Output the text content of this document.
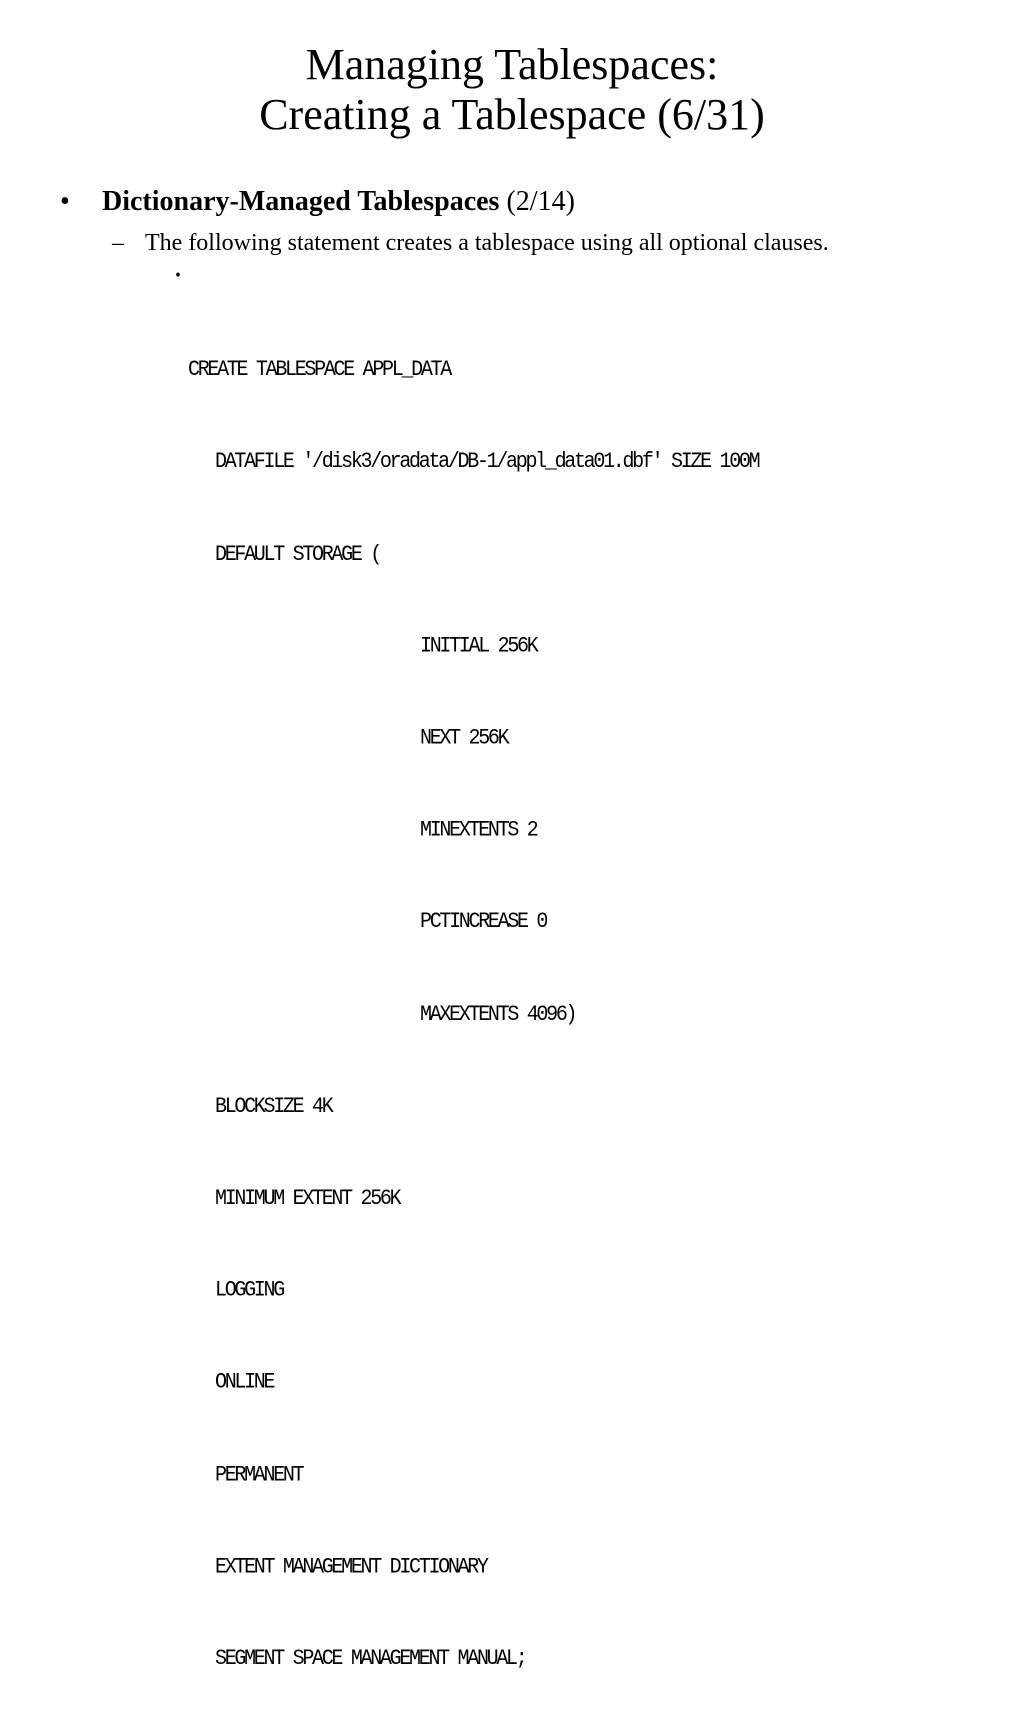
Managing Tablespaces:
Creating a Tablespace (6/31)
• Dictionary-Managed Tablespaces (2/14)
– The following statement creates a tablespace using all optional clauses.

・

CREATE TABLESPACE APPL_DATA

DATAFILE '/disk3/oradata/DB-1/appl_data01.dbf' SIZE 100M

DEFAULT STORAGE (

INITIAL 256K

NEXT 256K

MINEXTENTS 2

PCTINCREASE 0

MAXEXTENTS 4096)

BLOCKSIZE 4K

MINIMUM EXTENT 256K

LOGGING

ONLINE

PERMANENT

EXTENT MANAGEMENT DICTIONARY

SEGMENT SPACE MANAGEMENT MANUAL;
